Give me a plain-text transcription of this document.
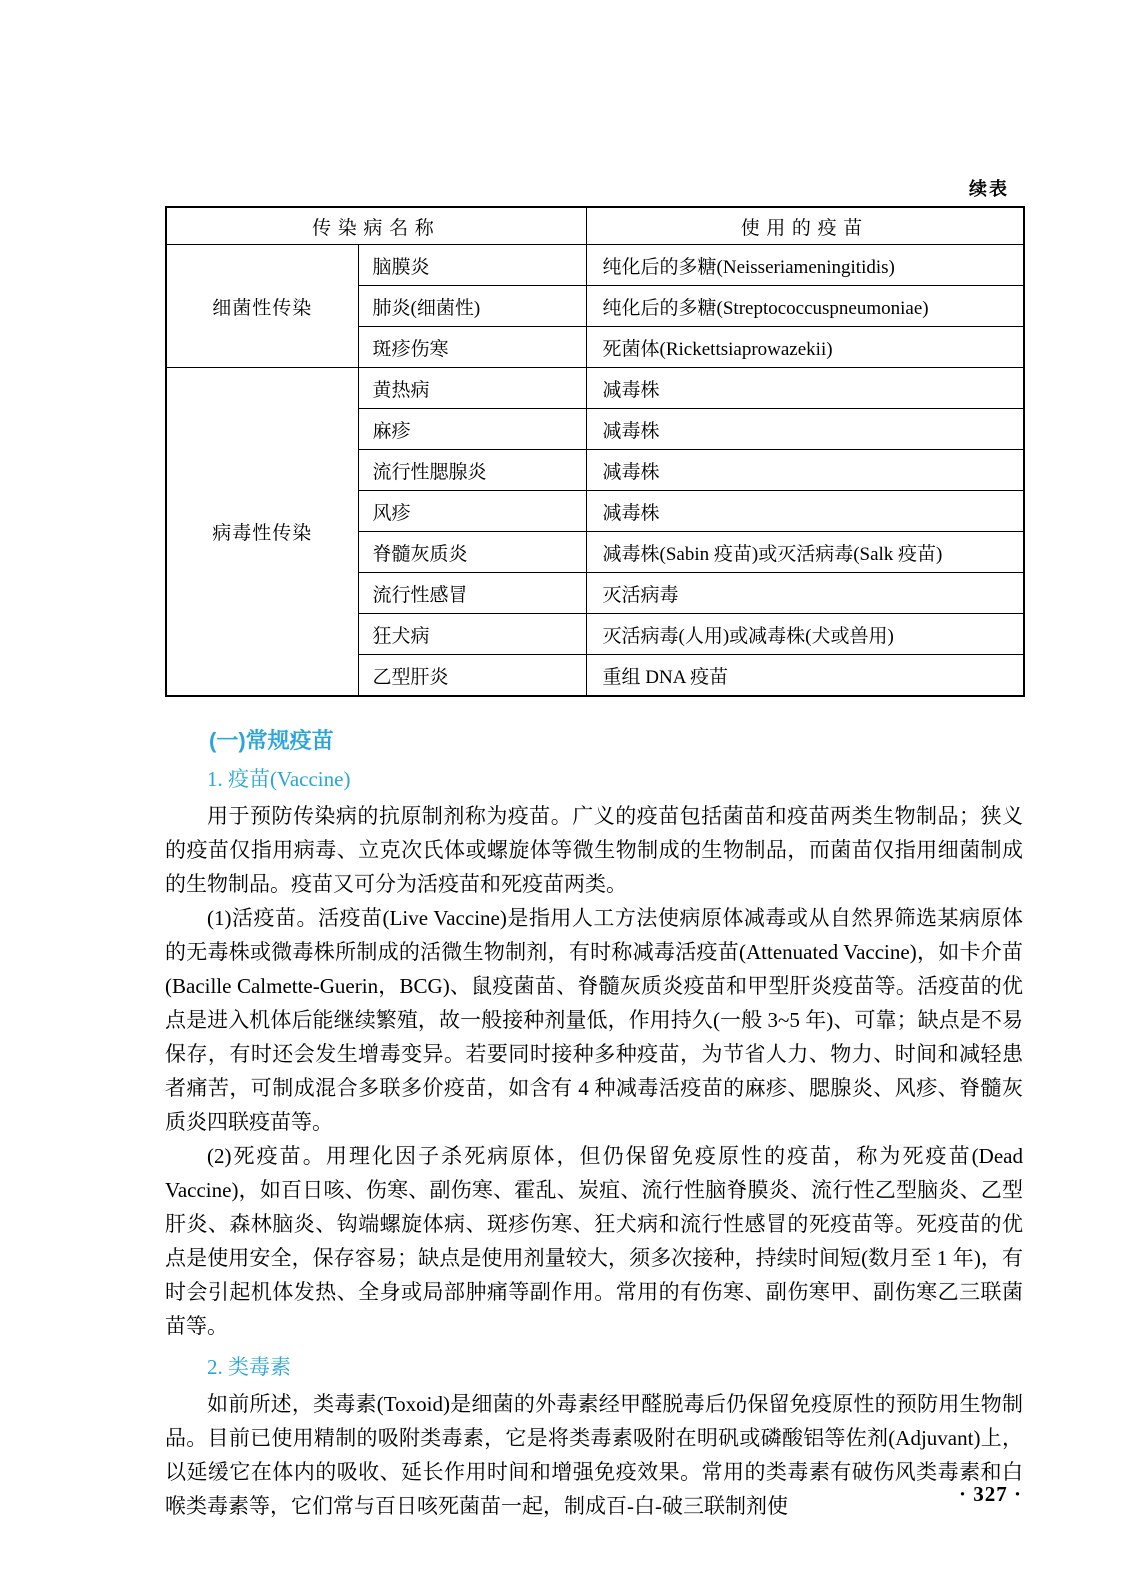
续表
传染病名称		使用的疫苗
细菌性传染	脑膜炎	纯化后的多糖(Neisseriameningitidis)
	肺炎(细菌性)	纯化后的多糖(Streptococcuspneumoniae)
	斑疹伤寒	死菌体(Rickettsiaprowazekii)
病毒性传染	黄热病	减毒株
	麻疹	减毒株
	流行性腮腺炎	减毒株
	风疹	减毒株
	脊髓灰质炎	减毒株(Sabin 疫苗)或灭活病毒(Salk 疫苗)
	流行性感冒	灭活病毒
	狂犬病	灭活病毒(人用)或减毒株(犬或兽用)
	乙型肝炎	重组 DNA 疫苗
(一)常规疫苗
1. 疫苗(Vaccine)

用于预防传染病的抗原制剂称为疫苗。广义的疫苗包括菌苗和疫苗两类生物制品；狭义的疫苗仅指用病毒、立克次氏体或螺旋体等微生物制成的生物制品，而菌苗仅指用细菌制成的生物制品。疫苗又可分为活疫苗和死疫苗两类。

(1)活疫苗。活疫苗(Live Vaccine)是指用人工方法使病原体减毒或从自然界筛选某病原体的无毒株或微毒株所制成的活微生物制剂，有时称减毒活疫苗(Attenuated Vaccine)，如卡介苗(Bacille Calmette-Guerin，BCG)、鼠疫菌苗、脊髓灰质炎疫苗和甲型肝炎疫苗等。活疫苗的优点是进入机体后能继续繁殖，故一般接种剂量低，作用持久(一般 3~5 年)、可靠；缺点是不易保存，有时还会发生增毒变异。若要同时接种多种疫苗，为节省人力、物力、时间和减轻患者痛苦，可制成混合多联多价疫苗，如含有 4 种减毒活疫苗的麻疹、腮腺炎、风疹、脊髓灰质炎四联疫苗等。

(2)死疫苗。用理化因子杀死病原体，但仍保留免疫原性的疫苗，称为死疫苗(Dead Vaccine)，如百日咳、伤寒、副伤寒、霍乱、炭疽、流行性脑脊膜炎、流行性乙型脑炎、乙型肝炎、森林脑炎、钩端螺旋体病、斑疹伤寒、狂犬病和流行性感冒的死疫苗等。死疫苗的优点是使用安全，保存容易；缺点是使用剂量较大，须多次接种，持续时间短(数月至 1 年)，有时会引起机体发热、全身或局部肿痛等副作用。常用的有伤寒、副伤寒甲、副伤寒乙三联菌苗等。

2. 类毒素

如前所述，类毒素(Toxoid)是细菌的外毒素经甲醛脱毒后仍保留免疫原性的预防用生物制品。目前已使用精制的吸附类毒素，它是将类毒素吸附在明矾或磷酸铝等佐剂(Adjuvant)上，以延缓它在体内的吸收、延长作用时间和增强免疫效果。常用的类毒素有破伤风类毒素和白喉类毒素等，它们常与百日咳死菌苗一起，制成百-白-破三联制剂使	· 327 ·
